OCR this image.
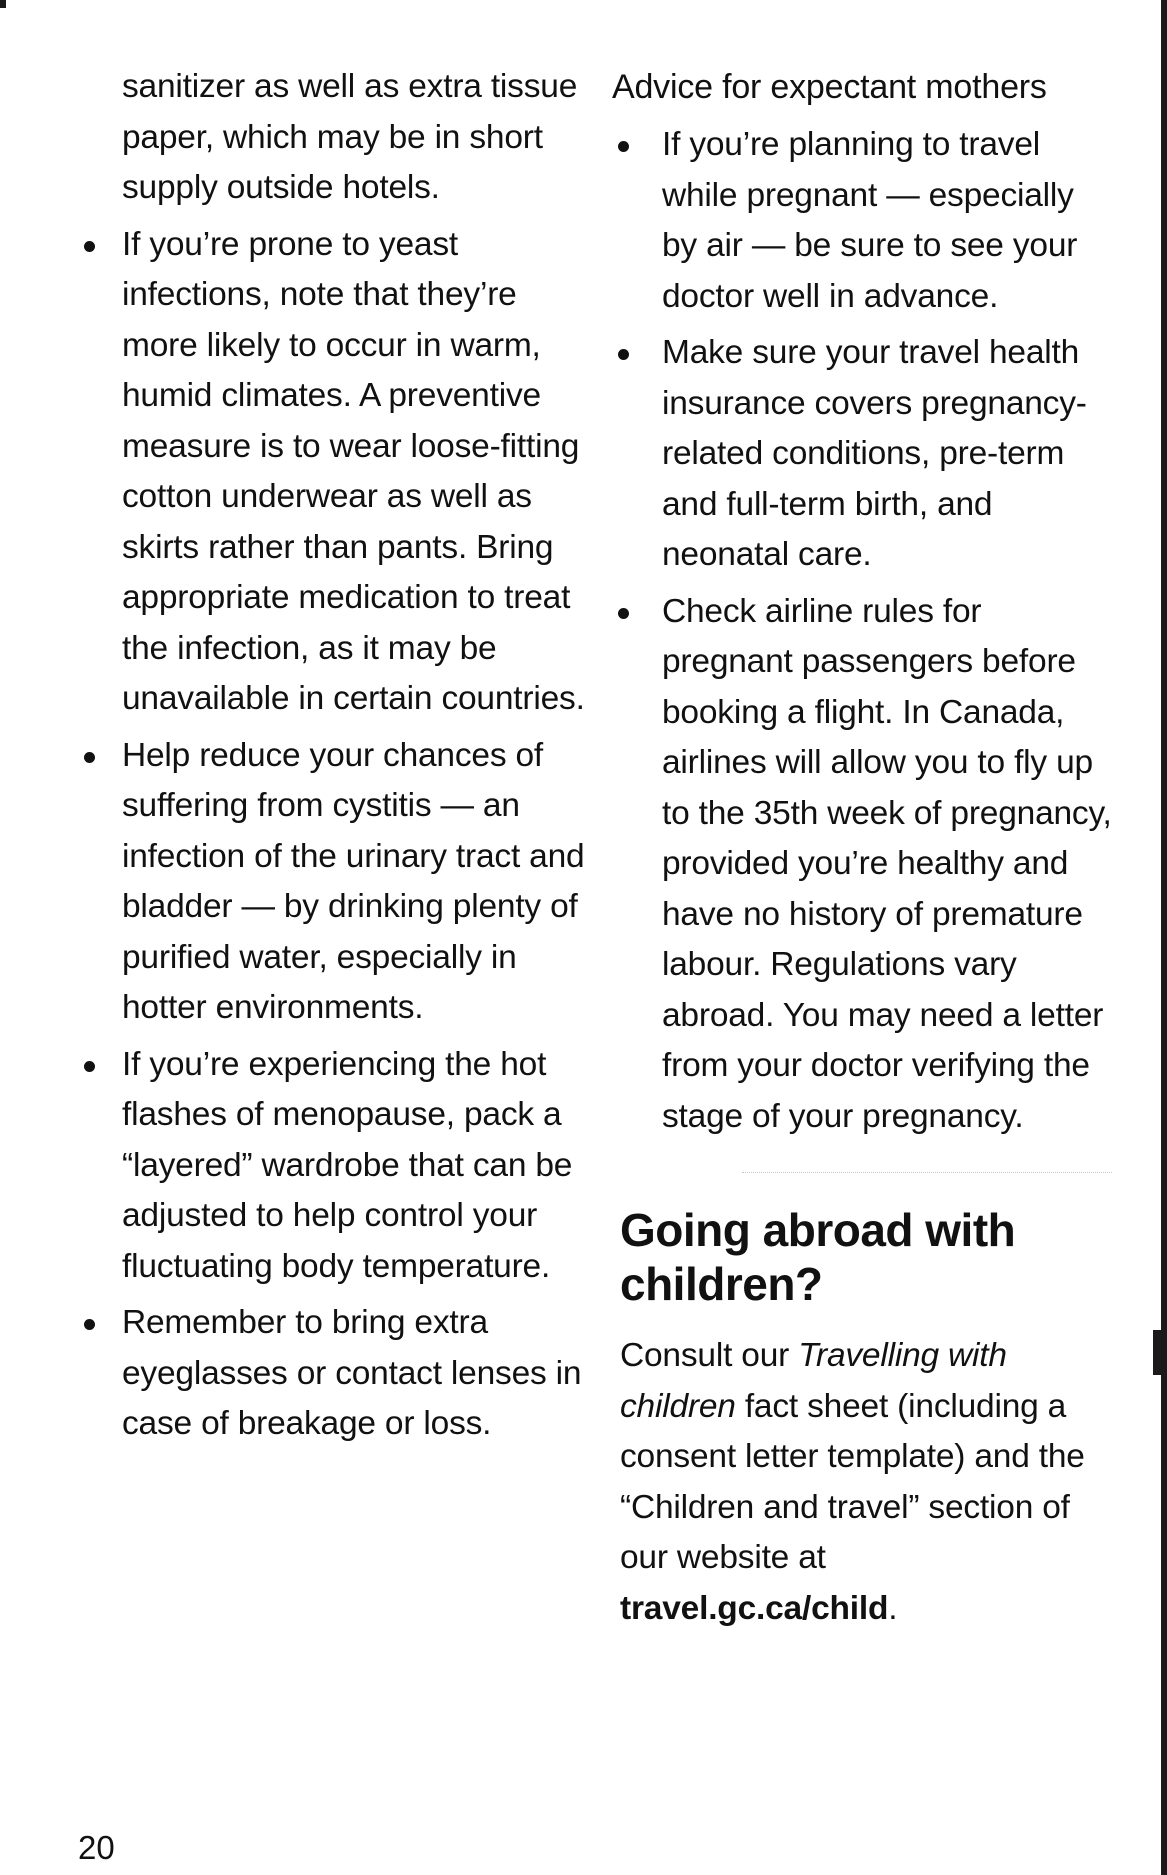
sanitizer as well as extra tissue paper, which may be in short supply outside hotels.
If you’re prone to yeast infections, note that they’re more likely to occur in warm, humid climates. A preventive measure is to wear loose-fitting cotton underwear as well as skirts rather than pants. Bring appropriate medication to treat the infection, as it may be unavailable in certain countries.
Help reduce your chances of suffering from cystitis — an infection of the urinary tract and bladder — by drinking plenty of purified water, especially in hotter environments.
If you’re experiencing the hot flashes of menopause, pack a “layered” wardrobe that can be adjusted to help control your fluctuating body temperature.
Remember to bring extra eyeglasses or contact lenses in case of breakage or loss.
Advice for expectant mothers
If you’re planning to travel while pregnant — especially by air — be sure to see your doctor well in advance.
Make sure your travel health insurance covers pregnancy-related conditions, pre-term and full-term birth, and neonatal care.
Check airline rules for pregnant passengers before booking a flight. In Canada, airlines will allow you to fly up to the 35th week of pregnancy, provided you’re healthy and have no history of premature labour. Regulations vary abroad. You may need a letter from your doctor verifying the stage of your pregnancy.
Going abroad with children?

Consult our Travelling with children fact sheet (including a consent letter template) and the “Children and travel” section of our website at travel.gc.ca/child.

20
